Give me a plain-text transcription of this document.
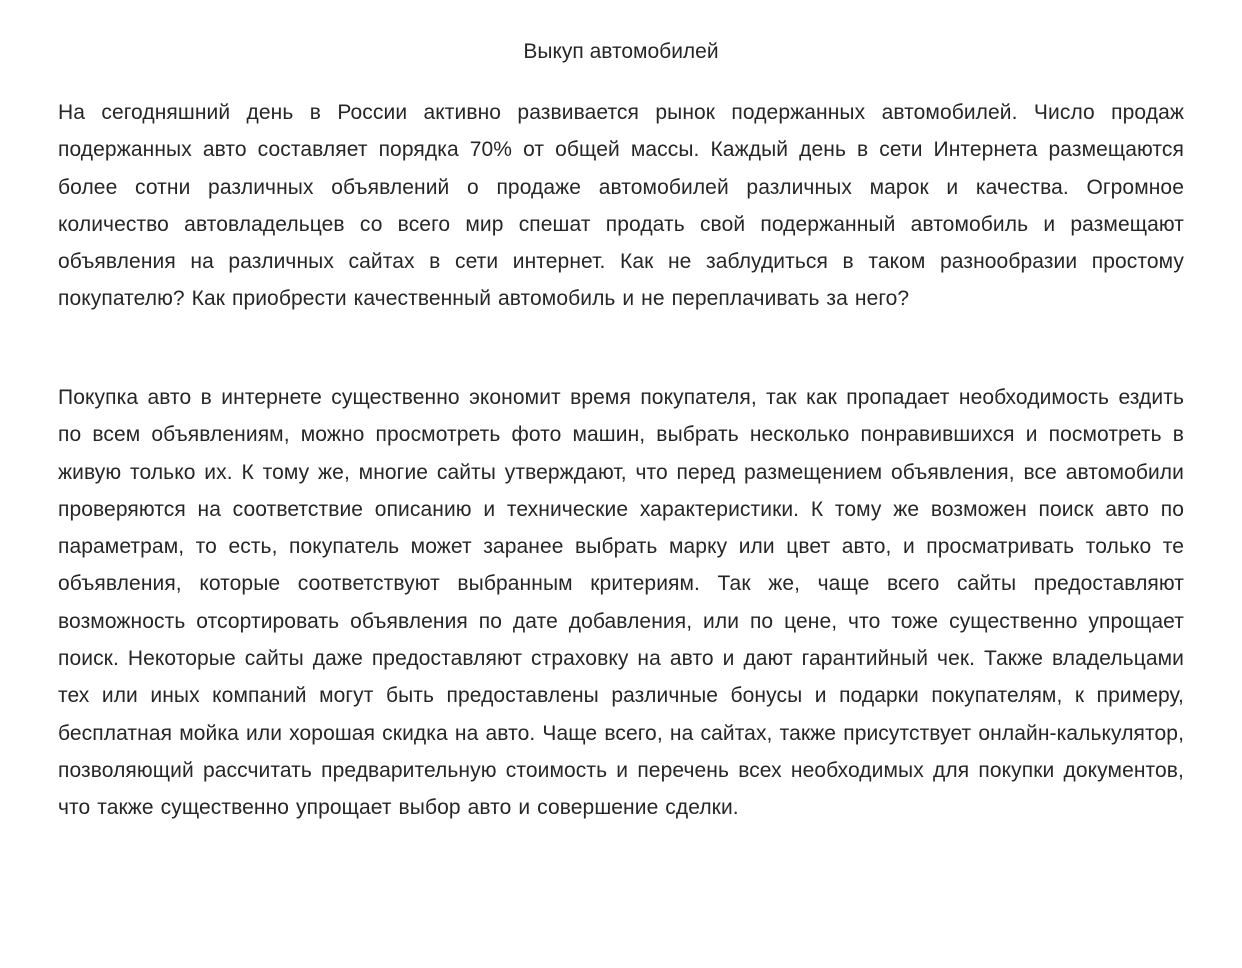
Выкуп автомобилей

На сегодняшний день в России активно развивается рынок подержанных автомобилей. Число продаж подержанных авто составляет порядка 70% от общей массы. Каждый день в сети Интернета размещаются более сотни различных объявлений о продаже автомобилей различных марок и качества. Огромное количество автовладельцев со всего мир спешат продать свой подержанный автомобиль и размещают объявления на различных сайтах в сети интернет. Как не заблудиться в таком разнообразии простому покупателю? Как приобрести качественный автомобиль и не переплачивать за него?

Покупка авто в интернете существенно экономит время покупателя, так как пропадает необходимость ездить по всем объявлениям, можно просмотреть фото машин, выбрать несколько понравившихся и посмотреть в живую только их. К тому же, многие сайты утверждают, что перед размещением объявления, все автомобили проверяются на соответствие описанию и технические характеристики. К тому же возможен поиск авто по параметрам, то есть, покупатель может заранее выбрать марку или цвет авто, и просматривать только те объявления, которые соответствуют выбранным критериям. Так же, чаще всего сайты предоставляют возможность отсортировать объявления по дате добавления, или по цене, что тоже существенно упрощает поиск. Некоторые сайты даже предоставляют страховку на авто и дают гарантийный чек. Также владельцами тех или иных компаний могут быть предоставлены различные бонусы и подарки покупателям, к примеру, бесплатная мойка или хорошая скидка на авто. Чаще всего, на сайтах, также присутствует онлайн-калькулятор, позволяющий рассчитать предварительную стоимость и перечень всех необходимых для покупки документов, что также существенно упрощает выбор авто и совершение сделки.
